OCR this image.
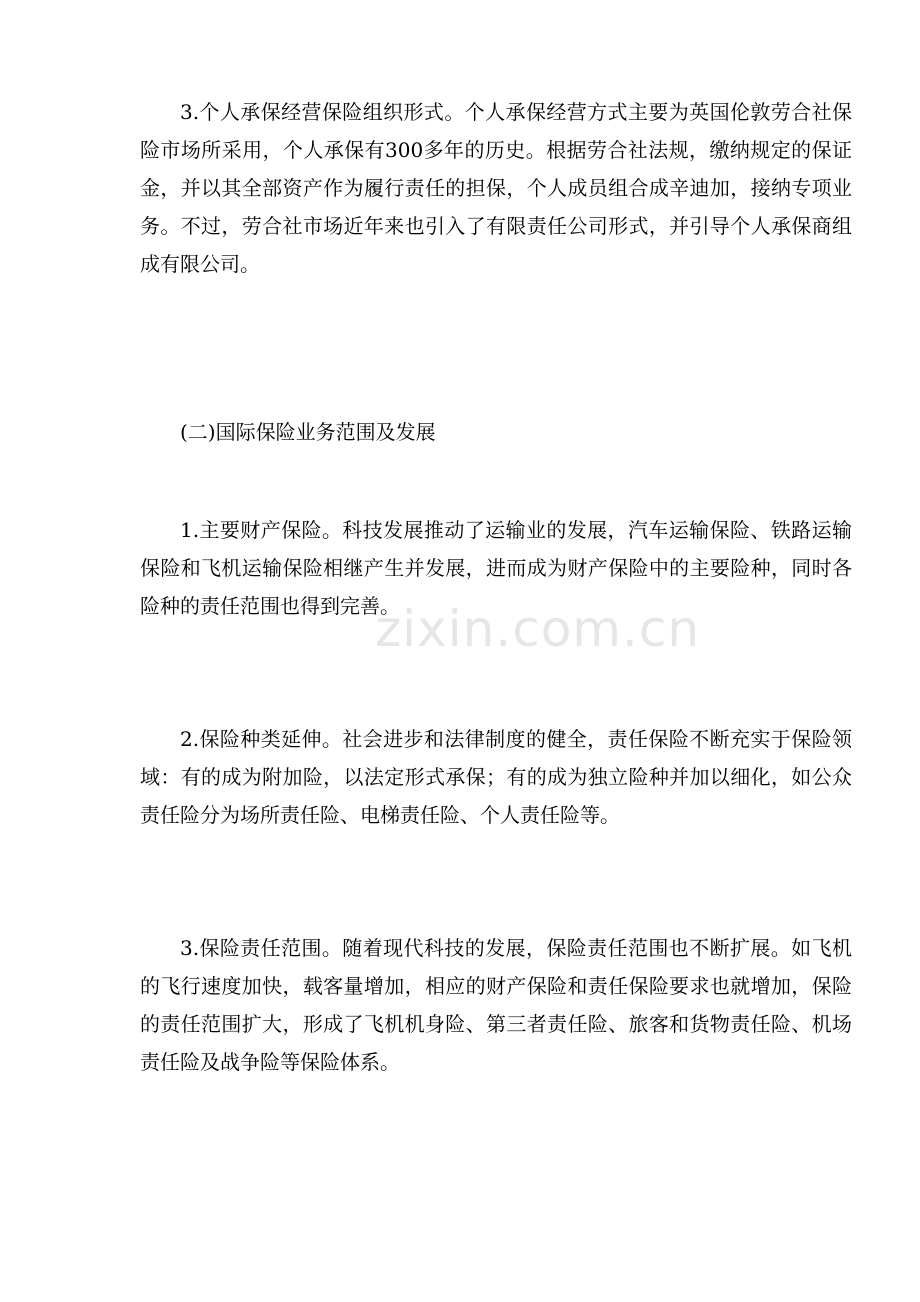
zixin.com.cn

3.个人承保经营保险组织形式。个人承保经营方式主要为英国伦敦劳合社保险市场所采用，个人承保有300多年的历史。根据劳合社法规，缴纳规定的保证金，并以其全部资产作为履行责任的担保，个人成员组合成辛迪加，接纳专项业务。不过，劳合社市场近年来也引入了有限责任公司形式，并引导个人承保商组成有限公司。

(二)国际保险业务范围及发展

1.主要财产保险。科技发展推动了运输业的发展，汽车运输保险、铁路运输保险和飞机运输保险相继产生并发展，进而成为财产保险中的主要险种，同时各险种的责任范围也得到完善。

2.保险种类延伸。社会进步和法律制度的健全，责任保险不断充实于保险领域：有的成为附加险，以法定形式承保；有的成为独立险种并加以细化，如公众责任险分为场所责任险、电梯责任险、个人责任险等。

3.保险责任范围。随着现代科技的发展，保险责任范围也不断扩展。如飞机的飞行速度加快，载客量增加，相应的财产保险和责任保险要求也就增加，保险的责任范围扩大，形成了飞机机身险、第三者责任险、旅客和货物责任险、机场责任险及战争险等保险体系。
